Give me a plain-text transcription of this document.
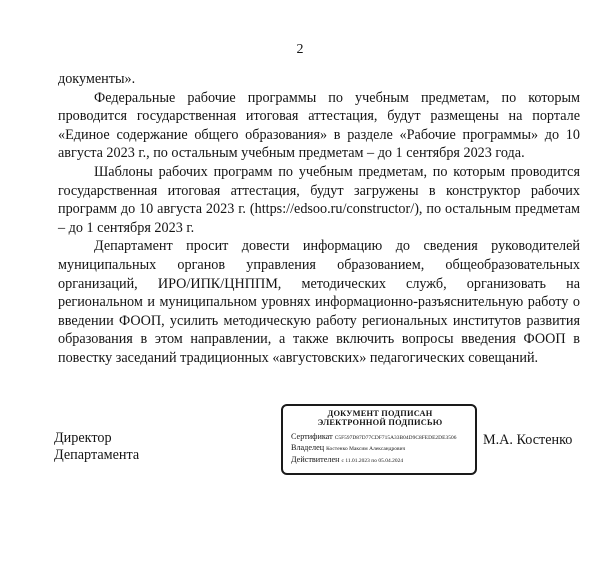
2

документы».

Федеральные рабочие программы по учебным предметам, по которым проводится государственная итоговая аттестация, будут размещены на портале «Единое содержание общего образования» в разделе «Рабочие программы» до 10 августа 2023 г., по остальным учебным предметам – до 1 сентября 2023 года.

Шаблоны рабочих программ по учебным предметам, по которым проводится государственная итоговая аттестация, будут загружены в конструктор рабочих программ до 10 августа 2023 г. (https://edsoo.ru/constructor/), по остальным предметам – до 1 сентября 2023 г.

Департамент просит довести информацию до сведения руководителей муниципальных органов управления образованием, общеобразовательных организаций, ИРО/ИПК/ЦНППМ, методических служб, организовать на региональном и муниципальном уровнях информационно-разъяснительную работу о введении ФООП, усилить методическую работу региональных институтов развития образования в этом направлении, а также включить вопросы введения ФООП в повестку заседаний традиционных «августовских» педагогических совещаний.

Директор
Департамента
ДОКУМЕНТ ПОДПИСАН
ЭЛЕКТРОННОЙ ПОДПИСЬЮ
Сертификат C5F597D87D77CDF715A33B04D9C8FEDE2DE3506
Владелец Костенко Максим Александрович
Действителен с 11.01.2023 по 05.04.2024
М.А. Костенко
